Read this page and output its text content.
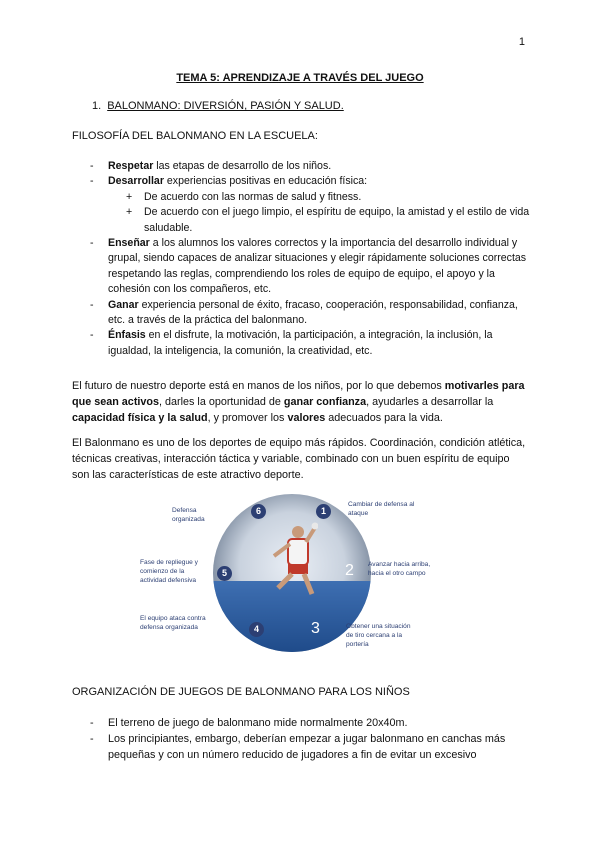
1
TEMA 5: APRENDIZAJE A TRAVÉS DEL JUEGO
1. BALONMANO: DIVERSIÓN, PASIÓN Y SALUD.
FILOSOFÍA DEL BALONMANO EN LA ESCUELA:
- Respetar las etapas de desarrollo de los niños.
- Desarrollar experiencias positivas en educación física:
+ De acuerdo con las normas de salud y fitness.
+ De acuerdo con el juego limpio, el espíritu de equipo, la amistad y el estilo de vida saludable.
- Enseñar a los alumnos los valores correctos y la importancia del desarrollo individual y grupal, siendo capaces de analizar situaciones y elegir rápidamente soluciones correctas respetando las reglas, comprendiendo los roles de equipo de equipo, el apoyo y la cohesión con los compañeros, etc.
- Ganar experiencia personal de éxito, fracaso, cooperación, responsabilidad, confianza, etc. a través de la práctica del balonmano.
- Énfasis en el disfrute, la motivación, la participación, a integración, la inclusión, la igualdad, la inteligencia, la comunión, la creatividad, etc.
El futuro de nuestro deporte está en manos de los niños, por lo que debemos motivarles para que sean activos, darles la oportunidad de ganar confianza, ayudarles a desarrollar la capacidad física y la salud, y promover los valores adecuados para la vida.
El Balonmano es uno de los deportes de equipo más rápidos. Coordinación, condición atlética, técnicas creativas, interacción táctica y variable, combinado con un buen espíritu de equipo son las características de este atractivo deporte.
6	1
5	2
4	3
Defensa organizada
Cambiar de defensa al ataque
Fase de repliegue y comienzo de la actividad defensiva
Avanzar hacia arriba, hacia el otro campo
El equipo ataca contra defensa organizada	Obtener una situación de tiro cercana a la portería
ORGANIZACIÓN DE JUEGOS DE BALONMANO PARA LOS NIÑOS
- El terreno de juego de balonmano mide normalmente 20x40m.
- Los principiantes, embargo, deberían empezar a jugar balonmano en canchas más pequeñas y con un número reducido de jugadores a fin de evitar un excesivo
